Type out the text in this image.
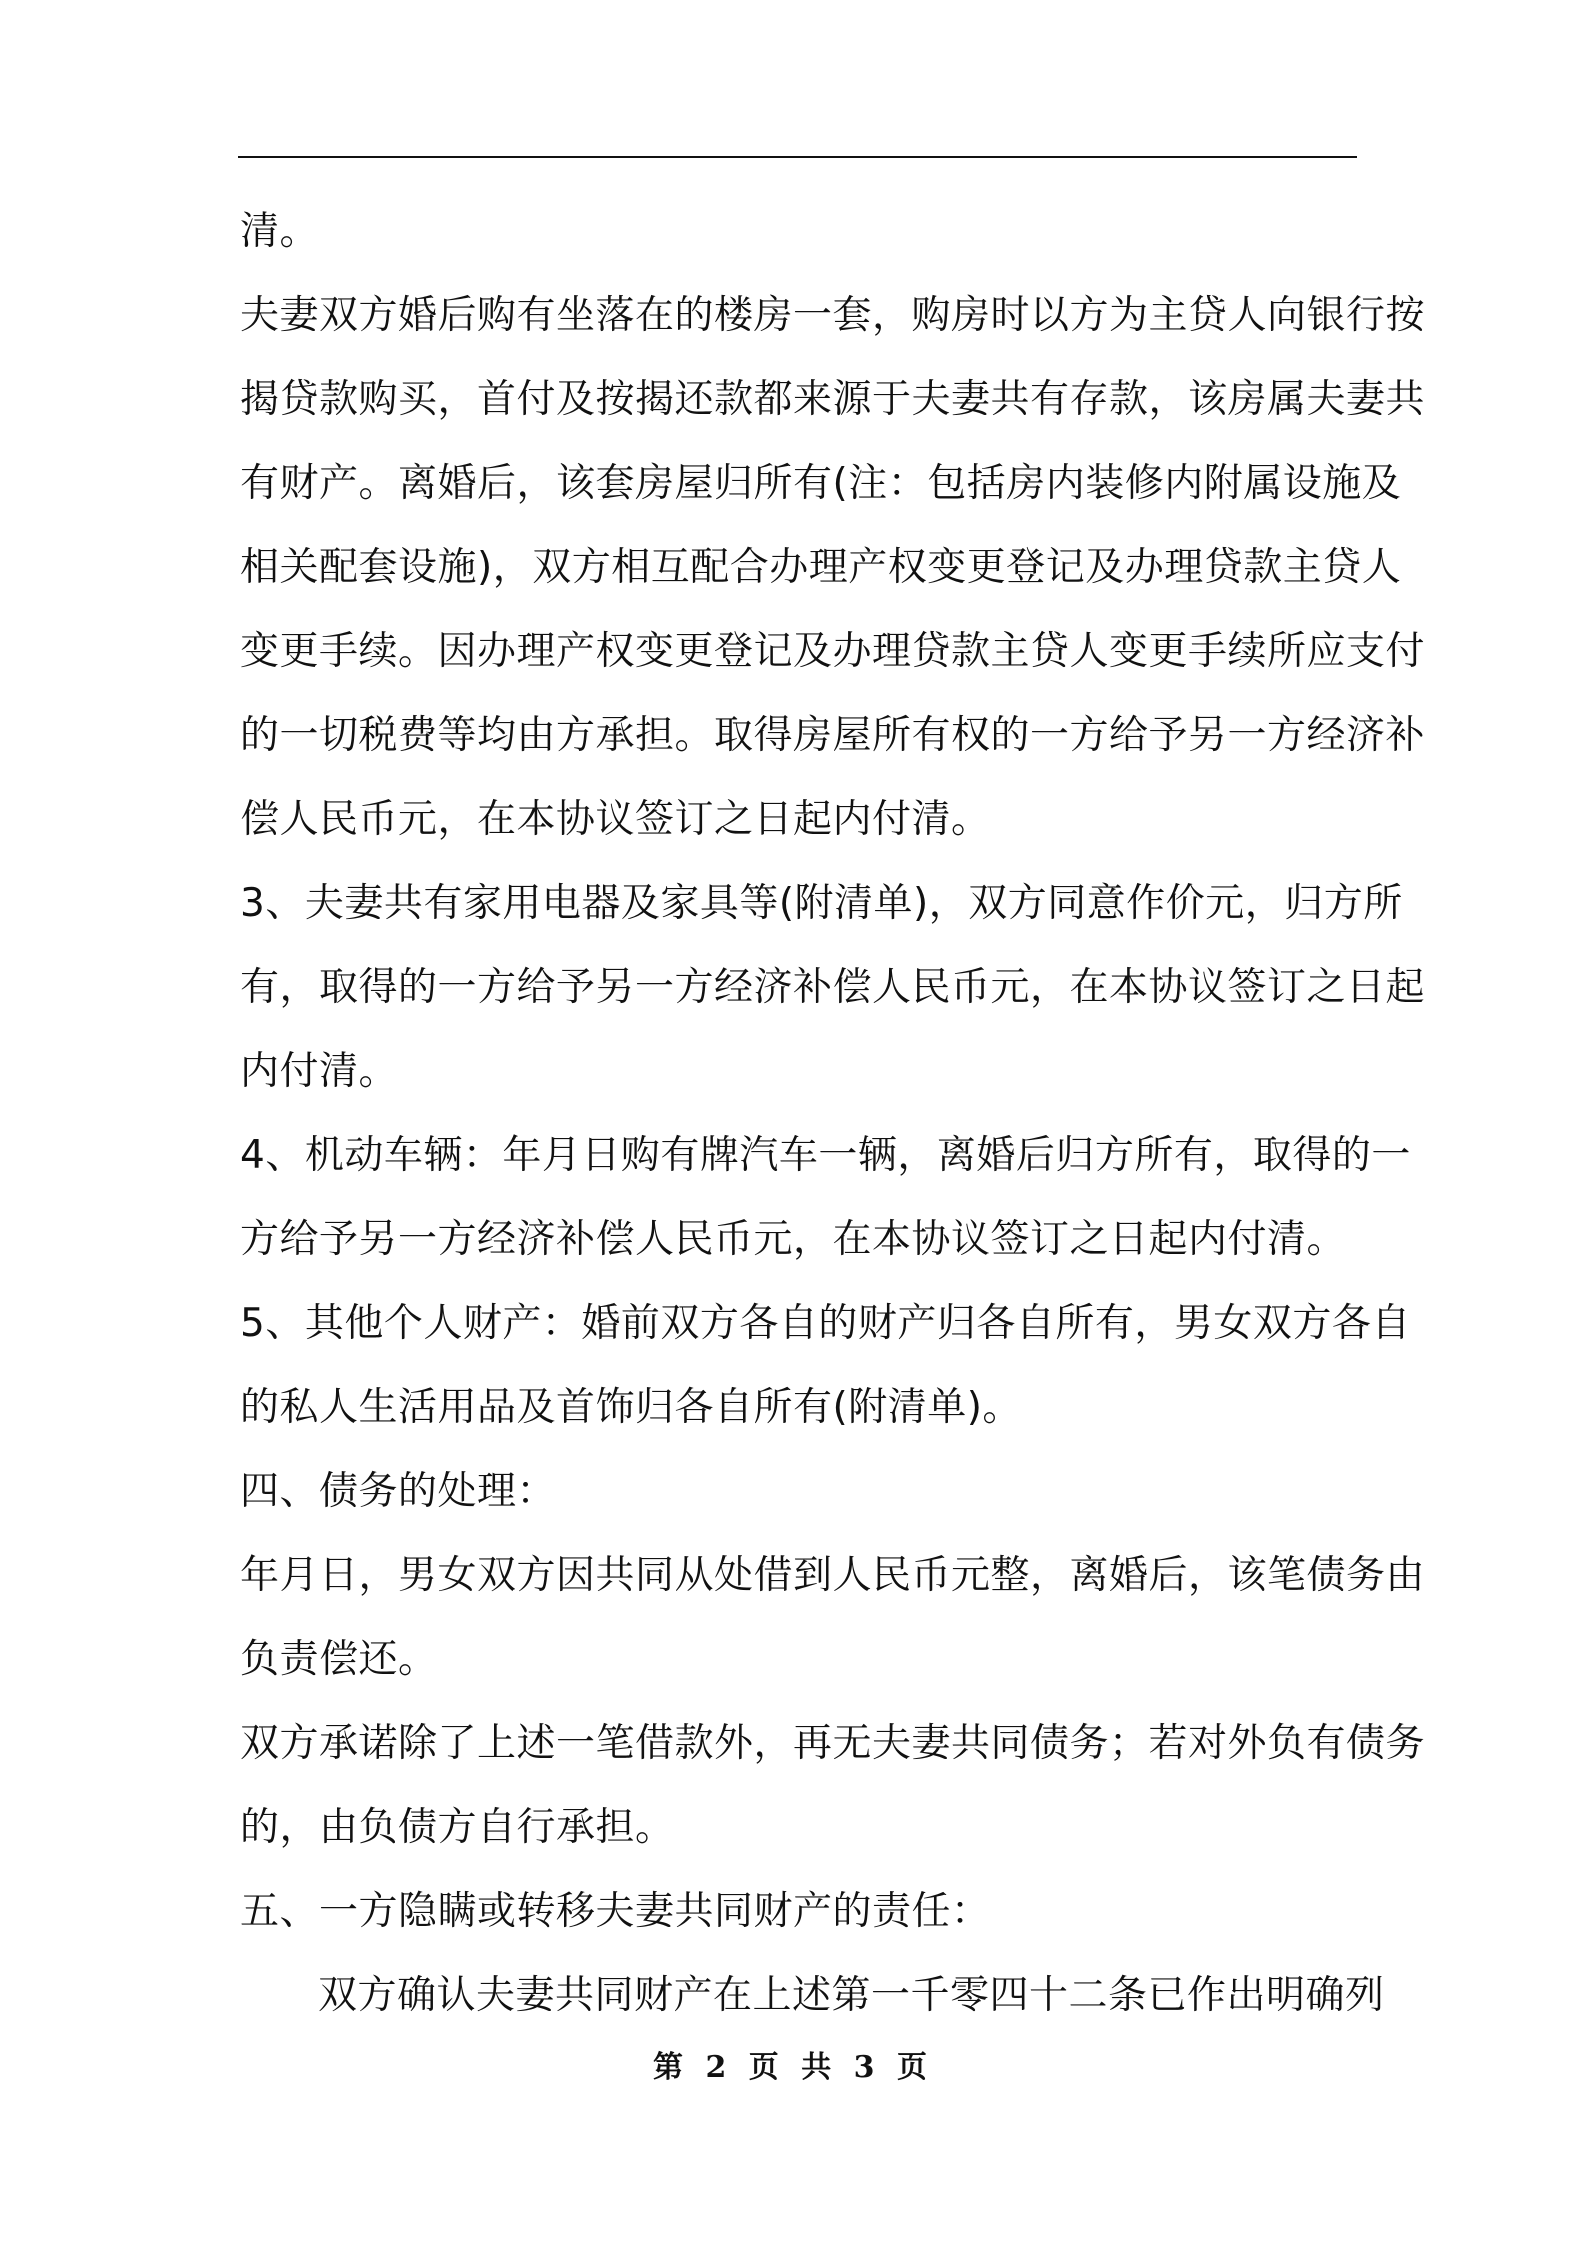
清。
夫妻双方婚后购有坐落在的楼房一套，购房时以方为主贷人向银行按
揭贷款购买，首付及按揭还款都来源于夫妻共有存款，该房属夫妻共
有财产。离婚后，该套房屋归所有(注：包括房内装修内附属设施及
相关配套设施)，双方相互配合办理产权变更登记及办理贷款主贷人
变更手续。因办理产权变更登记及办理贷款主贷人变更手续所应支付
的一切税费等均由方承担。取得房屋所有权的一方给予另一方经济补
偿人民币元，在本协议签订之日起内付清。
3、夫妻共有家用电器及家具等(附清单)，双方同意作价元，归方所
有，取得的一方给予另一方经济补偿人民币元，在本协议签订之日起
内付清。
4、机动车辆：年月日购有牌汽车一辆，离婚后归方所有，取得的一
方给予另一方经济补偿人民币元，在本协议签订之日起内付清。
5、其他个人财产：婚前双方各自的财产归各自所有，男女双方各自
的私人生活用品及首饰归各自所有(附清单)。
四、债务的处理：
年月日，男女双方因共同从处借到人民币元整，离婚后，该笔债务由
负责偿还。
双方承诺除了上述一笔借款外，再无夫妻共同债务；若对外负有债务
的，由负债方自行承担。
五、一方隐瞒或转移夫妻共同财产的责任：
双方确认夫妻共同财产在上述第一千零四十二条已作出明确列
第 2 页 共 3 页
